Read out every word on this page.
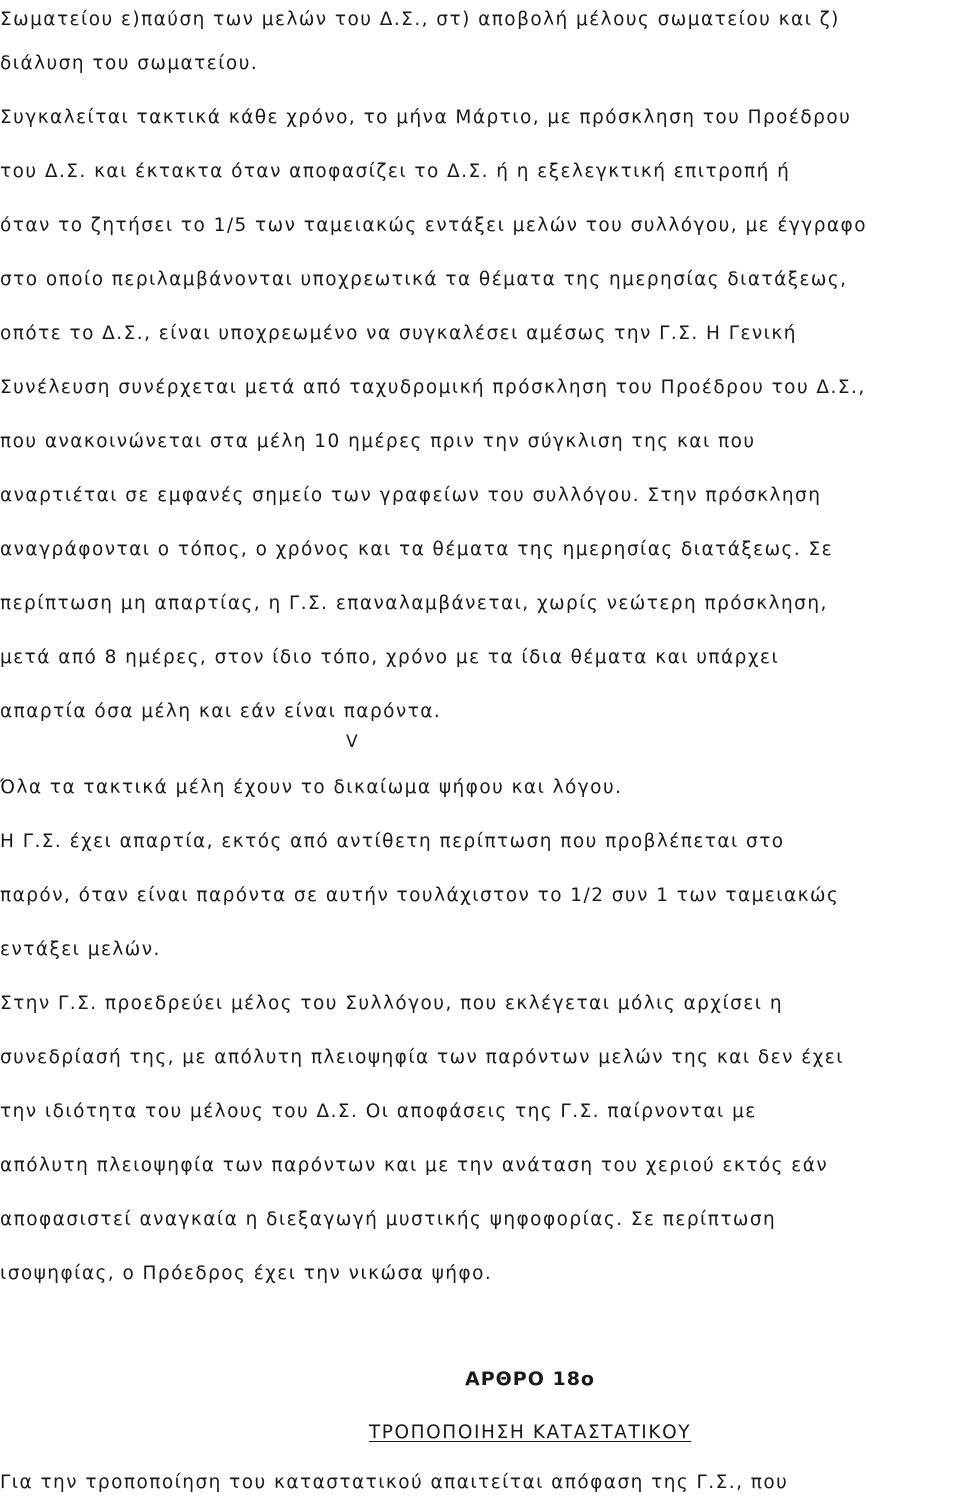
Σωματείου ε)παύση των μελών του Δ.Σ., στ) αποβολή μέλους σωματείου και ζ)
διάλυση του σωματείου.
Συγκαλείται τακτικά κάθε χρόνο, το μήνα Μάρτιο, με πρόσκληση του Προέδρου
του Δ.Σ. και έκτακτα όταν αποφασίζει το Δ.Σ. ή η εξελεγκτική επιτροπή ή
όταν το ζητήσει το 1/5 των ταμειακώς εντάξει μελών του συλλόγου, με έγγραφο
στο οποίο περιλαμβάνονται υποχρεωτικά τα θέματα της ημερησίας διατάξεως,
οπότε το Δ.Σ., είναι υποχρεωμένο να συγκαλέσει αμέσως την Γ.Σ. Η Γενική
Συνέλευση συνέρχεται μετά από ταχυδρομική πρόσκληση του Προέδρου του Δ.Σ.,
που ανακοινώνεται στα μέλη 10 ημέρες πριν την σύγκλιση της και που
αναρτιέται σε εμφανές σημείο των γραφείων του συλλόγου. Στην πρόσκληση
αναγράφονται ο τόπος, ο χρόνος και τα θέματα της ημερησίας διατάξεως. Σε
περίπτωση μη απαρτίας, η Γ.Σ. επαναλαμβάνεται, χωρίς νεώτερη πρόσκληση,
μετά από 8 ημέρες, στον ίδιο τόπο, χρόνο με τα ίδια θέματα και υπάρχει
απαρτία όσα μέλη και εάν είναι παρόντα.
V
Όλα τα τακτικά μέλη έχουν το δικαίωμα ψήφου και λόγου.
Η Γ.Σ. έχει απαρτία, εκτός από αντίθετη περίπτωση που προβλέπεται στο
παρόν, όταν είναι παρόντα σε αυτήν τουλάχιστον το 1/2 συν 1 των ταμειακώς
εντάξει μελών.
Στην Γ.Σ. προεδρεύει μέλος του Συλλόγου, που εκλέγεται μόλις αρχίσει η
συνεδρίασή της, με απόλυτη πλειοψηφία των παρόντων μελών της και δεν έχει
την ιδιότητα του μέλους του Δ.Σ. Οι αποφάσεις της Γ.Σ. παίρνονται με
απόλυτη πλειοψηφία των παρόντων και με την ανάταση του χεριού εκτός εάν
αποφασιστεί αναγκαία η διεξαγωγή μυστικής ψηφοφορίας. Σε περίπτωση
ισοψηφίας, ο Πρόεδρος έχει την νικώσα ψήφο.
ΑΡΘΡΟ 18ο
ΤΡΟΠΟΠΟΙΗΣΗ ΚΑΤΑΣΤΑΤΙΚΟΥ
Για την τροποποίηση του καταστατικού απαιτείται απόφαση της Γ.Σ., που
